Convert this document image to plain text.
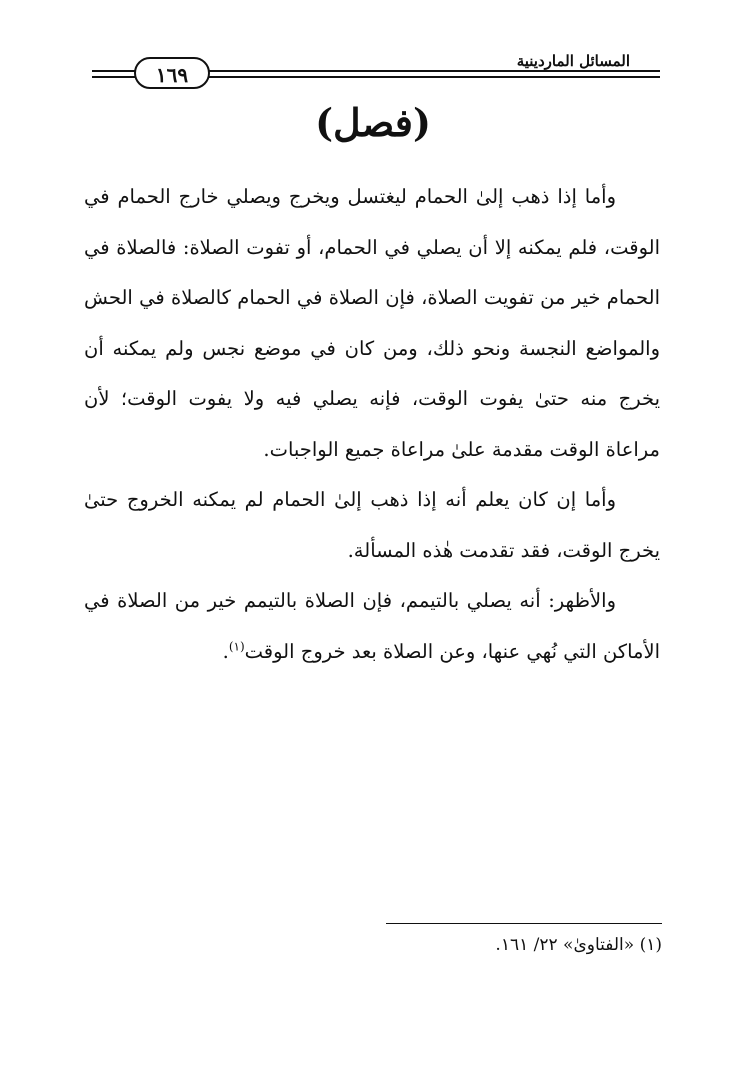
١٦٩
المسائل الماردينية
(فصل)

وأما إذا ذهب إلىٰ الحمام ليغتسل ويخرج ويصلي خارج الحمام في الوقت، فلم يمكنه إلا أن يصلي في الحمام، أو تفوت الصلاة: فالصلاة في الحمام خير من تفويت الصلاة، فإن الصلاة في الحمام كالصلاة في الحش والمواضع النجسة ونحو ذلك، ومن كان في موضع نجس ولم يمكنه أن يخرج منه حتىٰ يفوت الوقت، فإنه يصلي فيه ولا يفوت الوقت؛ لأن مراعاة الوقت مقدمة علىٰ مراعاة جميع الواجبات.

وأما إن كان يعلم أنه إذا ذهب إلىٰ الحمام لم يمكنه الخروج حتىٰ يخرج الوقت، فقد تقدمت هٰذه المسألة.

والأظهر: أنه يصلي بالتيمم، فإن الصلاة بالتيمم خير من الصلاة في الأماكن التي نُهي عنها، وعن الصلاة بعد خروج الوقت$^{(١)}$.

(١) «الفتاوىٰ» ٢٢/ ١٦١.
